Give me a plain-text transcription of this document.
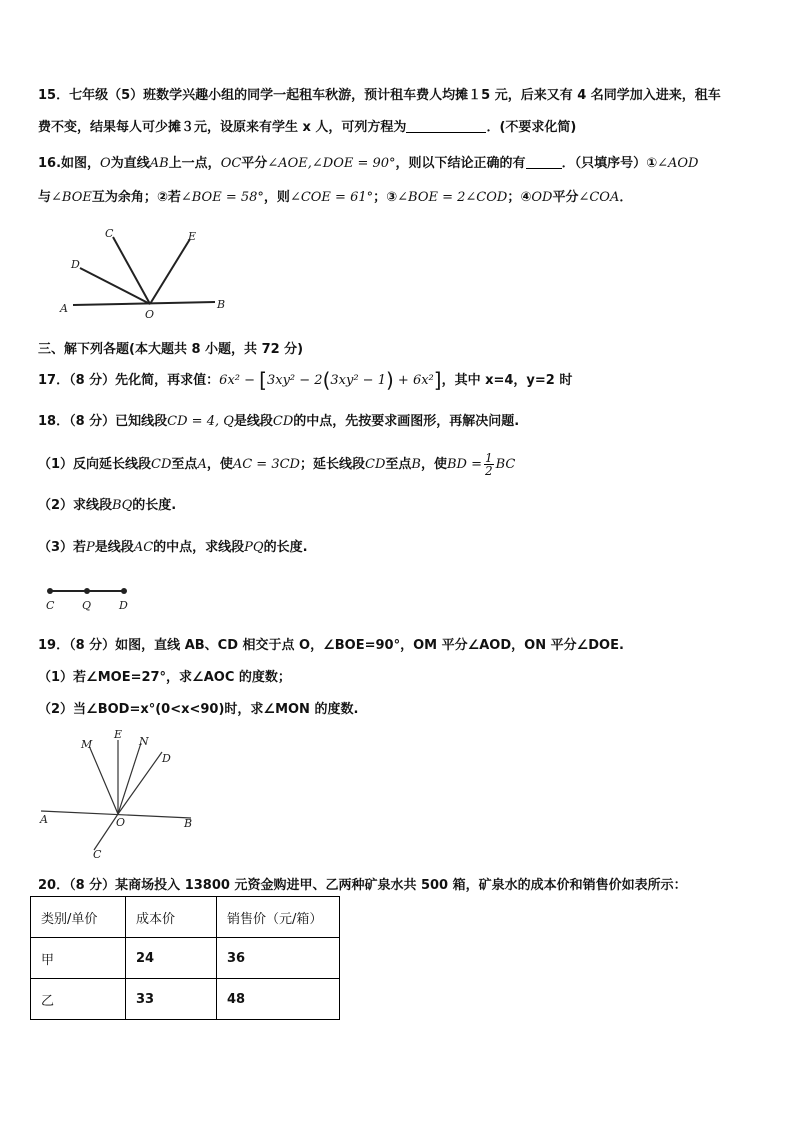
15．七年级（5）班数学兴趣小组的同学一起租车秋游，预计租车费人均摊１5 元，后来又有 4 名同学加入进来，租车
费不变，结果每人可少摊３元，设原来有学生 x 人，可列方程为	．(不要求化简)
16.如图，O为直线AB上一点，OC平分∠AOE,∠DOE = 90°，则以下结论正确的有	．（只填序号）①∠AOD
与∠BOE互为余角；②若∠BOE = 58°，则∠COE = 61°；③∠BOE = 2∠COD；④OD平分∠COA．
C	E
D
A	O
B
三、解下列各题(本大题共 8 小题，共 72 分)
17．（8 分）先化简，再求值：6x² − [3xy² − 2(3xy² − 1) + 6x²]，其中 x=4，y=2 时
18．（8 分）已知线段CD = 4, Q是线段CD的中点，先按要求画图形，再解决问题.
（1）反向延长线段CD至点A，使AC = 3CD；延长线段CD至点B，使BD = $\frac{1}{2}$ BC
（2）求线段BQ的长度.
（3）若P是线段AC的中点，求线段PQ的长度.
C	Q	D
19．（8 分）如图，直线 AB、CD 相交于点 O，∠BOE=90°，OM 平分∠AOD，ON 平分∠DOE.
（1）若∠MOE=27°，求∠AOC 的度数；
（2）当∠BOD=x°(0<x<90)时，求∠MON 的度数.
M
E
N
D
A	O	B
C
20．（8 分）某商场投入 13800 元资金购进甲、乙两种矿泉水共 500 箱，矿泉水的成本价和销售价如表所示：
类别/单价	成本价	销售价（元/箱）
甲	24	36
乙	33	48
